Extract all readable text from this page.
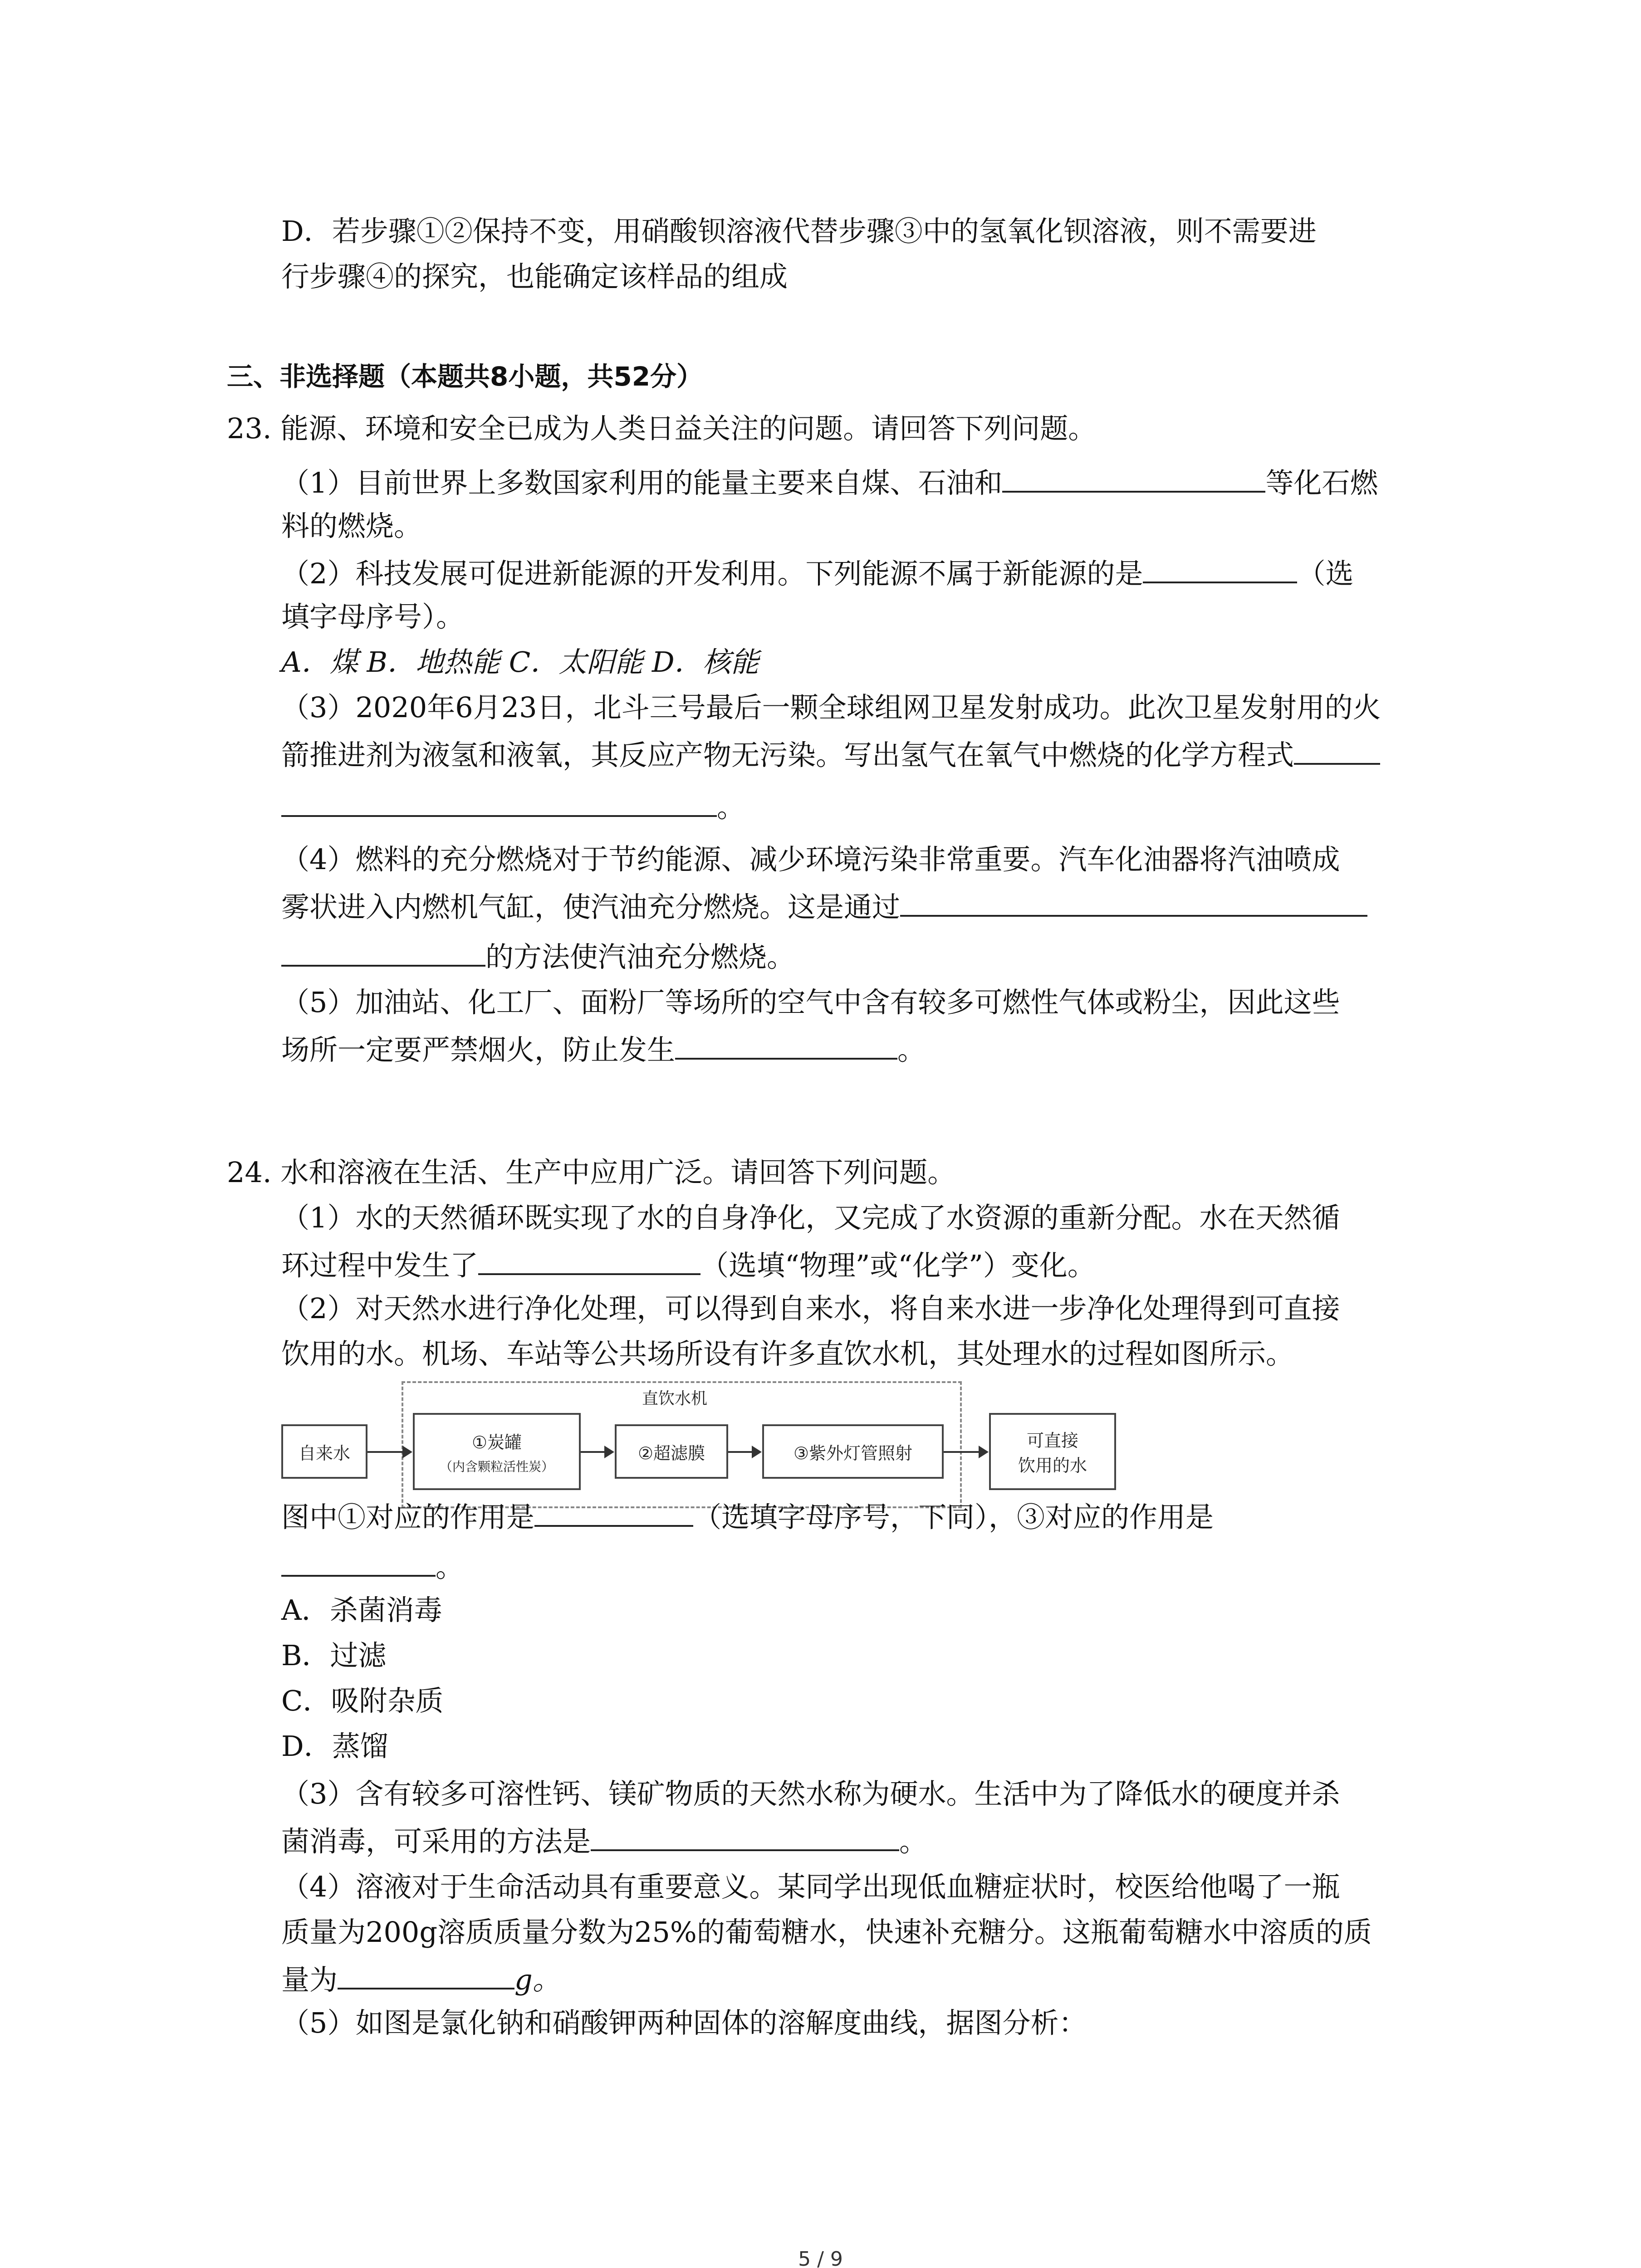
D．若步骤①②保持不变，用硝酸钡溶液代替步骤③中的氢氧化钡溶液，则不需要进
行步骤④的探究，也能确定该样品的组成
三、非选择题（本题共8小题，共52分）
23. 能源、环境和安全已成为人类日益关注的问题。请回答下列问题。
（1）目前世界上多数国家利用的能量主要来自煤、石油和	等化石燃
料的燃烧。
（2）科技发展可促进新能源的开发利用。下列能源不属于新能源的是	（选
填字母序号）。
A．煤 B．地热能 C．太阳能 D．核能
（3）2020年6月23日，北斗三号最后一颗全球组网卫星发射成功。此次卫星发射用的火
箭推进剂为液氢和液氧，其反应产物无污染。写出氢气在氧气中燃烧的化学方程式
。
（4）燃料的充分燃烧对于节约能源、减少环境污染非常重要。汽车化油器将汽油喷成
雾状进入内燃机气缸，使汽油充分燃烧。这是通过
的方法使汽油充分燃烧。
（5）加油站、化工厂、面粉厂等场所的空气中含有较多可燃性气体或粉尘，因此这些
场所一定要严禁烟火，防止发生	。
24. 水和溶液在生活、生产中应用广泛。请回答下列问题。
（1）水的天然循环既实现了水的自身净化，又完成了水资源的重新分配。水在天然循
环过程中发生了	（选填“物理”或“化学”）变化。
（2）对天然水进行净化处理，可以得到自来水，将自来水进一步净化处理得到可直接
饮用的水。机场、车站等公共场所设有许多直饮水机，其处理水的过程如图所示。
直饮水机
自来水
①炭罐
（内含颗粒活性炭）
②超滤膜	③紫外灯管照射
可直接
饮用的水
图中①对应的作用是	（选填字母序号，下同），③对应的作用是
。
A．杀菌消毒
B．过滤
C．吸附杂质
D．蒸馏
（3）含有较多可溶性钙、镁矿物质的天然水称为硬水。生活中为了降低水的硬度并杀
菌消毒，可采用的方法是	。
（4）溶液对于生命活动具有重要意义。某同学出现低血糖症状时，校医给他喝了一瓶
质量为200g溶质质量分数为25%的葡萄糖水，快速补充糖分。这瓶葡萄糖水中溶质的质
量为	g。
（5）如图是氯化钠和硝酸钾两种固体的溶解度曲线，据图分析：
5 / 9
